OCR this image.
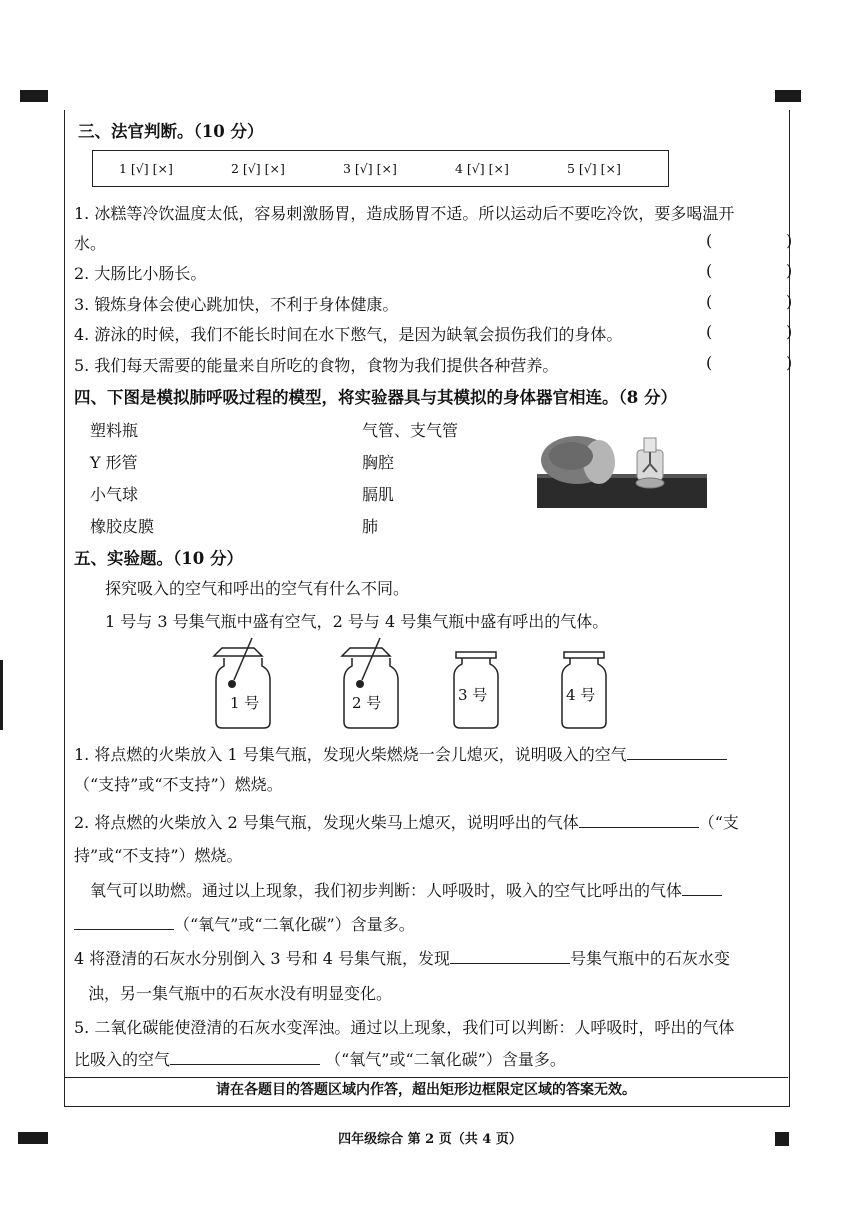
三、法官判断。（10 分）
1 [√] [×]	2 [√] [×]	3 [√] [×]	4 [√] [×]	5 [√] [×]
1. 冰糕等冷饮温度太低，容易刺激肠胃，造成肠胃不适。所以运动后不要吃冷饮，要多喝温开
水。	(	)
2. 大肠比小肠长。	(	)
3. 锻炼身体会使心跳加快，不利于身体健康。	(	)
4. 游泳的时候，我们不能长时间在水下憋气，是因为缺氧会损伤我们的身体。	(	)
5. 我们每天需要的能量来自所吃的食物，食物为我们提供各种营养。	(	)
四、下图是模拟肺呼吸过程的模型，将实验器具与其模拟的身体器官相连。（8 分）
塑料瓶
Y 形管
小气球
橡胶皮膜
气管、支气管
胸腔
膈肌
肺
五、实验题。（10 分）
探究吸入的空气和呼出的空气有什么不同。
1 号与 3 号集气瓶中盛有空气，2 号与 4 号集气瓶中盛有呼出的气体。
1 号	2 号	3 号	4 号
1. 将点燃的火柴放入 1 号集气瓶，发现火柴燃烧一会儿熄灭，说明吸入的空气
（“支持”或“不支持”）燃烧。
2. 将点燃的火柴放入 2 号集气瓶，发现火柴马上熄灭，说明呼出的气体	（“支
持”或“不支持”）燃烧。
氧气可以助燃。通过以上现象，我们初步判断：人呼吸时，吸入的空气比呼出的气体
（“氧气”或“二氧化碳”）含量多。
4 将澄清的石灰水分别倒入 3 号和 4 号集气瓶，发现	号集气瓶中的石灰水变
浊，另一集气瓶中的石灰水没有明显变化。
5. 二氧化碳能使澄清的石灰水变浑浊。通过以上现象，我们可以判断：人呼吸时，呼出的气体
比吸入的空气	（“氧气”或“二氧化碳”）含量多。
请在各题目的答题区域内作答，超出矩形边框限定区域的答案无效。
四年级综合 第 2 页（共 4 页）
